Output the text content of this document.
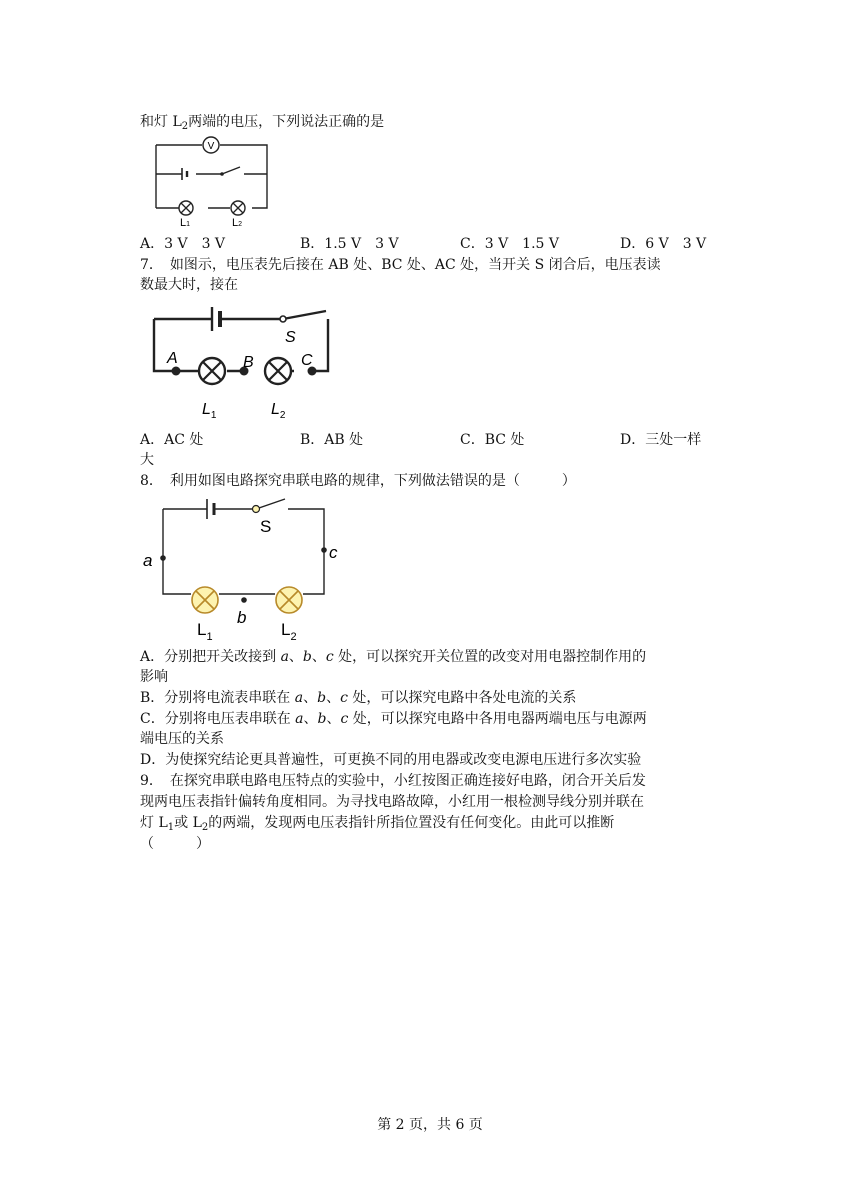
和灯 $L_2$两端的电压，下列说法正确的是
V
L1	L2
A．3 V　3 V	B．1.5 V　3 V	C．3 V　1.5 V	D．6 V　3 V
7．　如图示，电压表先后接在 AB 处、BC 处、AC 处，当开关 S 闭合后，电压表读
数最大时，接在
A	B	C
S
$L_1$	$L_2$
A．AC 处	B．AB 处	C．BC 处	D．三处一样
大
8．　利用如图电路探究串联电路的规律，下列做法错误的是（　　　）
a
b
c
S
$L_1$	$L_2$
A．分别把开关改接到 a、b、c 处，可以探究开关位置的改变对用电器控制作用的
影响
B．分别将电流表串联在 a、b、c 处，可以探究电路中各处电流的关系
C．分别将电压表串联在 a、b、c 处，可以探究电路中各用电器两端电压与电源两
端电压的关系
D．为使探究结论更具普遍性，可更换不同的用电器或改变电源电压进行多次实验
9．　在探究串联电路电压特点的实验中，小红按图正确连接好电路，闭合开关后发
现两电压表指针偏转角度相同。为寻找电路故障，小红用一根检测导线分别并联在
灯 $L_1$或 $L_2$的两端，发现两电压表指针所指位置没有任何变化。由此可以推断
（　　　）
第 2 页，共 6 页
